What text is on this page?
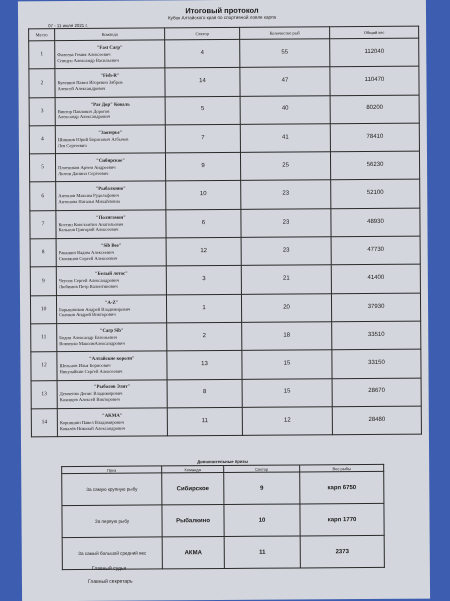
Итоговый протокол
Кубок Алтайского края по спортивной ловле карпа
07 - 11 июля 2021 г.
Место	Команда	Сектор	Количество рыб	Общий вес
1	"Fast Carp"
Фалеева Гемия Алексеевич
Спицун Александр Васильевич	4	55	112040
2	"Fish-R"
Кулешин Павел Игоревич Зябров
Алексей Александрович	14	47	110470
3	"Par Дор" Коваль
Виктор Павлович Дорогов
Александр Александрович	5	40	80200
4	"Заозерье"
Шишков Юрий Борисович Агбычев
Лев Сергеевич	7	41	78410
5	"Сибирское"
Плотников Артем Андреевич
Лютов Даниил Сергеевич	9	25	56230
6	"Рыбалкино"
Антонов Максим Рудольфович
Антонова Наталья Михайловна	10	23	52100
7	"Полигамон"
Костин Константин Анатольевич
Кальнов Григорий Алексеевич	6	23	48930
8	"Sib Bee"
Ракашин Вадим Алексеевич
Смолянов Сергей Алексеевич	12	23	47730
9	"Белый лотос"
Чеусов Сергей Александрович
Любимов Петр Валентинович	3	21	41400
10	"А-Z"
Барышников Андрей Владимирович
Скачков Андрей Викторович	1	20	37930
11	"Carp Sib"
Бодин Александр Евгеньевич
Вовченко МаксимАлександрович	2	18	33510
12	"Алтайские короли"
Шельнов Илья Борисович
Никулайкин Сергей Алексеевич	13	15	33150
13	"Рыболов Элит"
Демченко Денис Владимирович
Казанцев Алексей Викторович	8	15	28670
14	"AKMA"
Корнишин Павел Владимирович
Ковалёв Николай Александрович	11	12	28480
Дополнительные призы			
Приз	Команда	Сектор	Вес рыбы
За самую крупную рыбу	Сибирское	9	карп 6750
За первую рыбу	Рыбалкино	10	карп 1770
За самый большой средний вес	АКМА	11	2373
Главный судья
Главный секретарь
